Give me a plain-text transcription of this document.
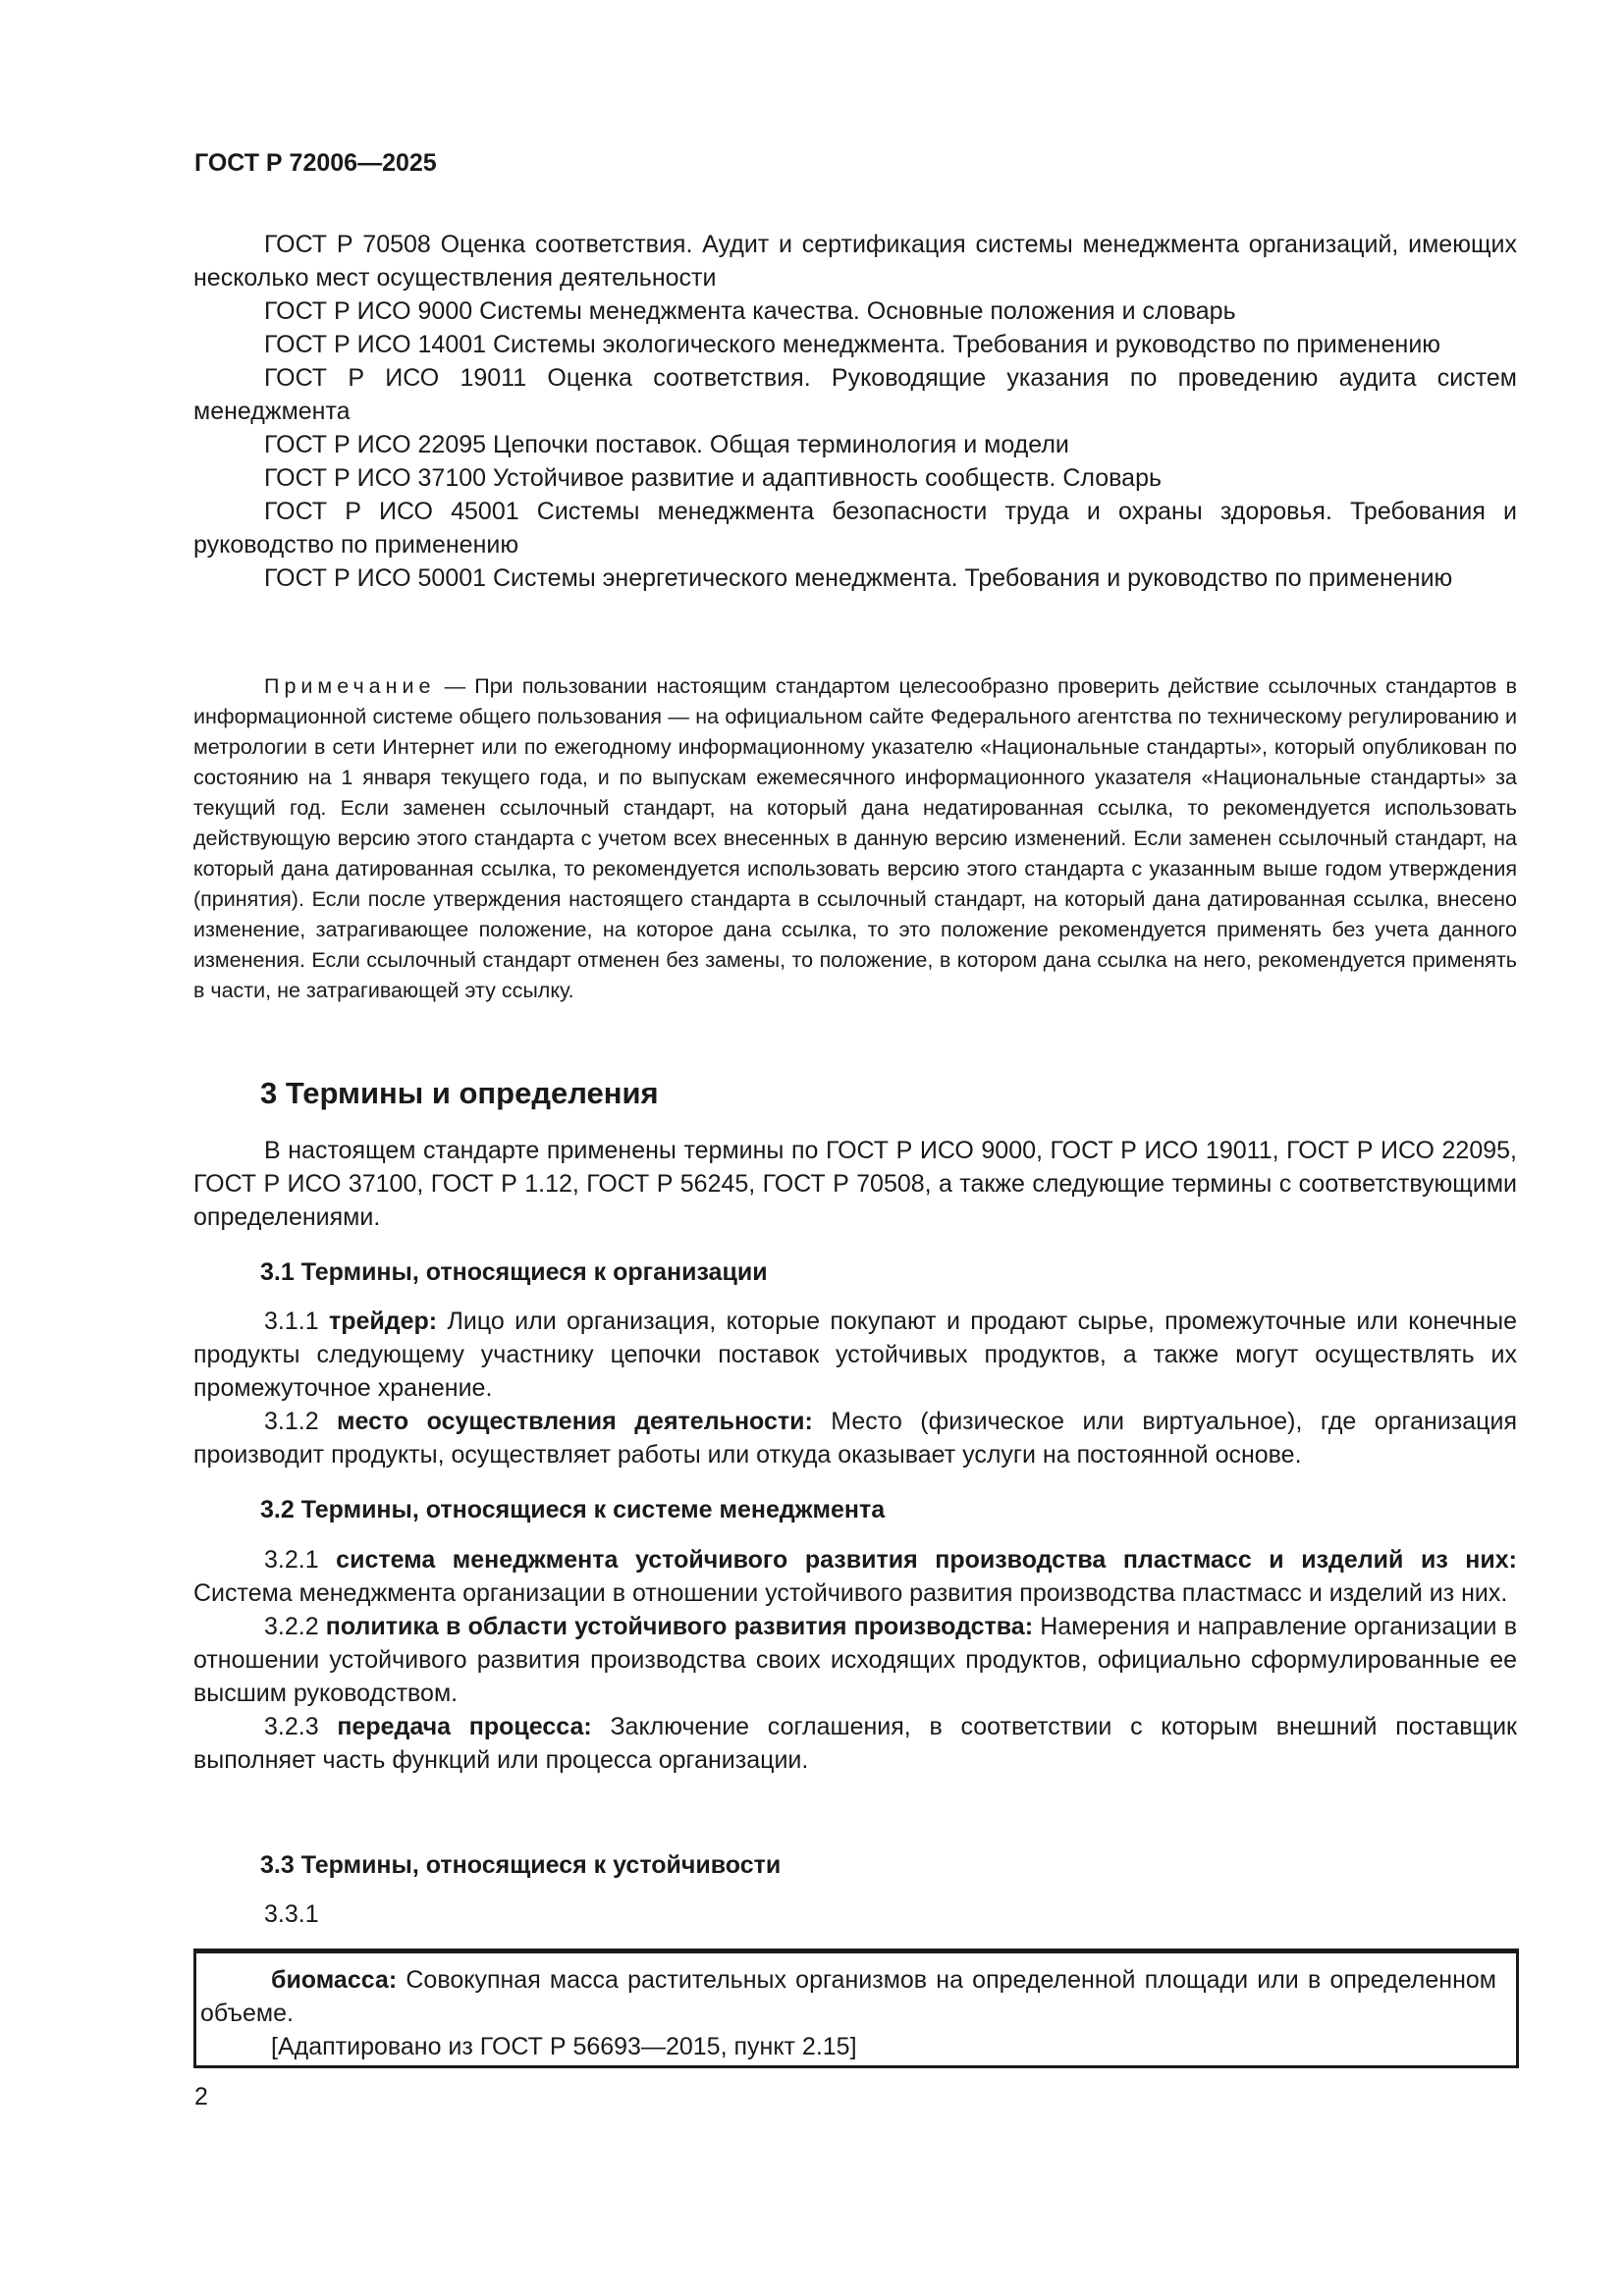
ГОСТ Р 72006—2025

ГОСТ Р 70508 Оценка соответствия. Аудит и сертификация системы менеджмента организаций, имеющих несколько мест осуществления деятельности

ГОСТ Р ИСО 9000 Системы менеджмента качества. Основные положения и словарь

ГОСТ Р ИСО 14001 Системы экологического менеджмента. Требования и руководство по применению

ГОСТ Р ИСО 19011 Оценка соответствия. Руководящие указания по проведению аудита систем менеджмента

ГОСТ Р ИСО 22095 Цепочки поставок. Общая терминология и модели

ГОСТ Р ИСО 37100 Устойчивое развитие и адаптивность сообществ. Словарь

ГОСТ Р ИСО 45001 Системы менеджмента безопасности труда и охраны здоровья. Требования и руководство по применению

ГОСТ Р ИСО 50001 Системы энергетического менеджмента. Требования и руководство по применению

Примечание — При пользовании настоящим стандартом целесообразно проверить действие ссылочных стандартов в информационной системе общего пользования — на официальном сайте Федерального агентства по техническому регулированию и метрологии в сети Интернет или по ежегодному информационному указателю «Национальные стандарты», который опубликован по состоянию на 1 января текущего года, и по выпускам ежемесячного информационного указателя «Национальные стандарты» за текущий год. Если заменен ссылочный стандарт, на который дана недатированная ссылка, то рекомендуется использовать действующую версию этого стандарта с учетом всех внесенных в данную версию изменений. Если заменен ссылочный стандарт, на который дана датированная ссылка, то рекомендуется использовать версию этого стандарта с указанным выше годом утверждения (принятия). Если после утверждения настоящего стандарта в ссылочный стандарт, на который дана датированная ссылка, внесено изменение, затрагивающее положение, на которое дана ссылка, то это положение рекомендуется применять без учета данного изменения. Если ссылочный стандарт отменен без замены, то положение, в котором дана ссылка на него, рекомендуется применять в части, не затрагивающей эту ссылку.

3 Термины и определения

В настоящем стандарте применены термины по ГОСТ Р ИСО 9000, ГОСТ Р ИСО 19011, ГОСТ Р ИСО 22095, ГОСТ Р ИСО 37100, ГОСТ Р 1.12, ГОСТ Р 56245, ГОСТ Р 70508, а также следующие термины с соответствующими определениями.

3.1 Термины, относящиеся к организации

3.1.1 трейдер: Лицо или организация, которые покупают и продают сырье, промежуточные или конечные продукты следующему участнику цепочки поставок устойчивых продуктов, а также могут осуществлять их промежуточное хранение.

3.1.2 место осуществления деятельности: Место (физическое или виртуальное), где организация производит продукты, осуществляет работы или откуда оказывает услуги на постоянной основе.

3.2 Термины, относящиеся к системе менеджмента

3.2.1 система менеджмента устойчивого развития производства пластмасс и изделий из них: Система менеджмента организации в отношении устойчивого развития производства пластмасс и изделий из них.

3.2.2 политика в области устойчивого развития производства: Намерения и направление организации в отношении устойчивого развития производства своих исходящих продуктов, официально сформулированные ее высшим руководством.

3.2.3 передача процесса: Заключение соглашения, в соответствии с которым внешний поставщик выполняет часть функций или процесса организации.

3.3 Термины, относящиеся к устойчивости

3.3.1

биомасса: Совокупная масса растительных организмов на определенной площади или в определенном объеме.

[Адаптировано из ГОСТ Р 56693—2015, пункт 2.15]

2
